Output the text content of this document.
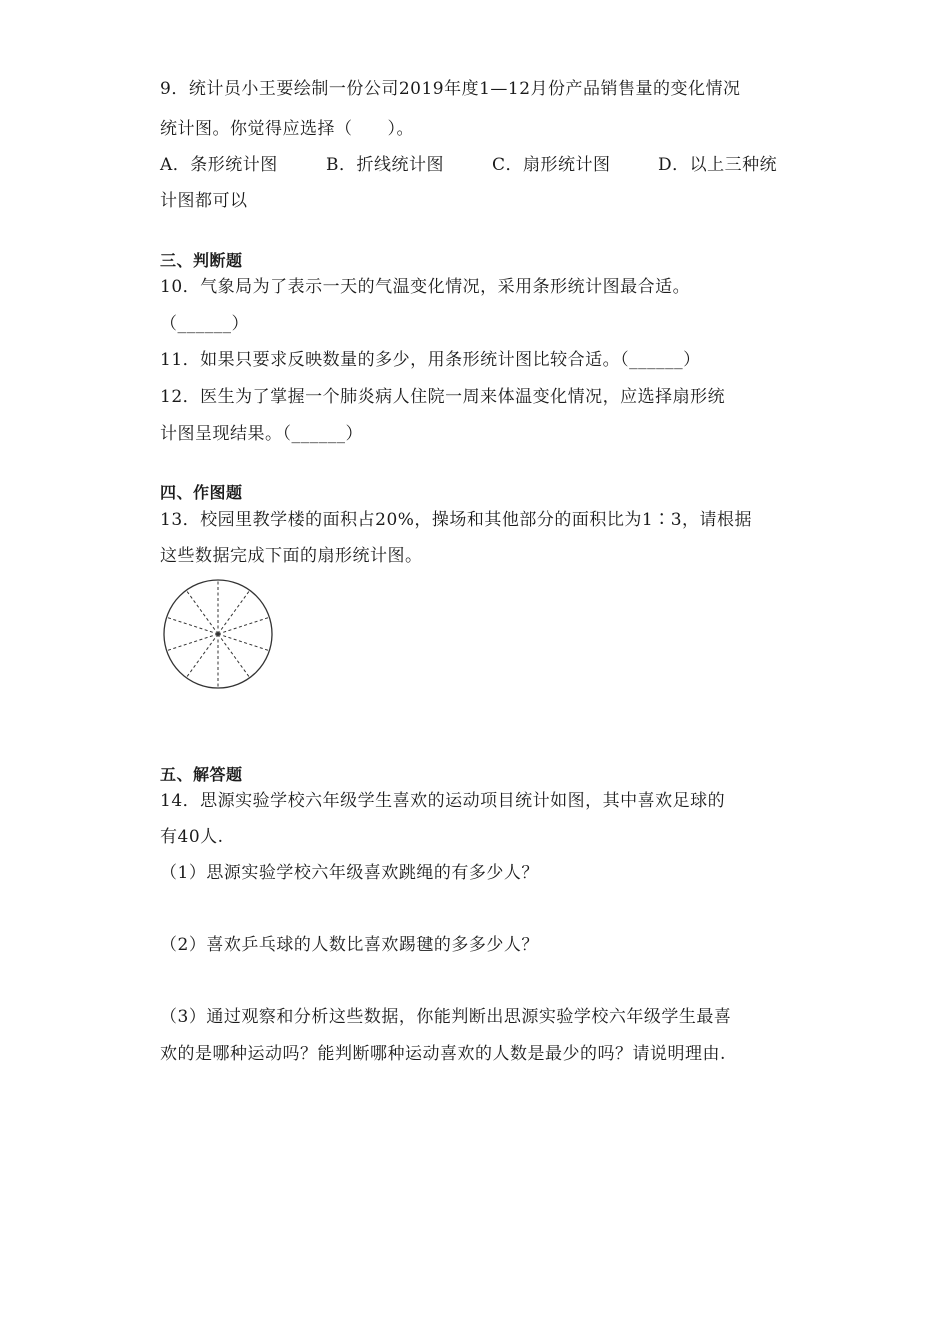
9．统计员小王要绘制一份公司2019年度1—12月份产品销售量的变化情况
统计图。你觉得应选择（　　）。
A．条形统计图	B．折线统计图	C．扇形统计图	D．以上三种统
计图都可以
三、判断题
10．气象局为了表示一天的气温变化情况，采用条形统计图最合适。
（______）
11．如果只要求反映数量的多少，用条形统计图比较合适。（______）
12．医生为了掌握一个肺炎病人住院一周来体温变化情况，应选择扇形统
计图呈现结果。（______）
四、作图题
13．校园里教学楼的面积占20%，操场和其他部分的面积比为1∶3，请根据
这些数据完成下面的扇形统计图。
五、解答题
14．思源实验学校六年级学生喜欢的运动项目统计如图，其中喜欢足球的
有40人.
（1）思源实验学校六年级喜欢跳绳的有多少人？
（2）喜欢乒乓球的人数比喜欢踢毽的多多少人？
（3）通过观察和分析这些数据，你能判断出思源实验学校六年级学生最喜
欢的是哪种运动吗？能判断哪种运动喜欢的人数是最少的吗？请说明理由.
